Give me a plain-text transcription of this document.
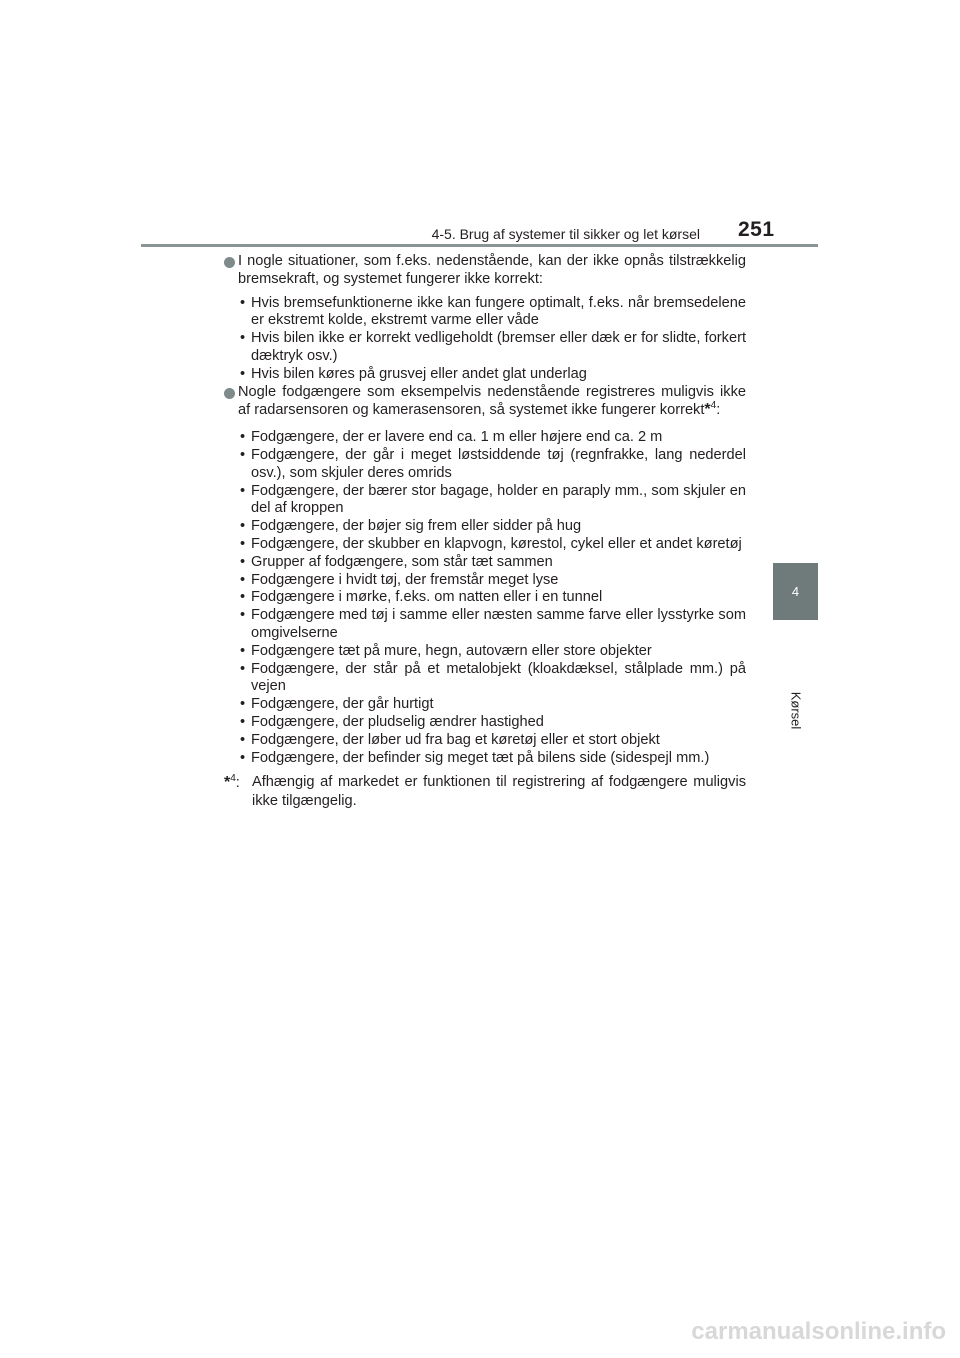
4-5. Brug af systemer til sikker og let kørsel 251
4
Kørsel
I nogle situationer, som f.eks. nedenstående, kan der ikke opnås tilstrækkelig bremsekraft, og systemet fungerer ikke korrekt:
• Hvis bremsefunktionerne ikke kan fungere optimalt, f.eks. når bremsedelene er ekstremt kolde, ekstremt varme eller våde
• Hvis bilen ikke er korrekt vedligeholdt (bremser eller dæk er for slidte, forkert dæktryk osv.)
• Hvis bilen køres på grusvej eller andet glat underlag
Nogle fodgængere som eksempelvis nedenstående registreres muligvis ikke af radarsensoren og kamerasensoren, så systemet ikke fungerer korrekt*$^4$:
• Fodgængere, der er lavere end ca. 1 m eller højere end ca. 2 m
• Fodgængere, der går i meget løstsiddende tøj (regnfrakke, lang nederdel osv.), som skjuler deres omrids
• Fodgængere, der bærer stor bagage, holder en paraply mm., som skjuler en del af kroppen
• Fodgængere, der bøjer sig frem eller sidder på hug
• Fodgængere, der skubber en klapvogn, kørestol, cykel eller et andet køretøj
• Grupper af fodgængere, som står tæt sammen
• Fodgængere i hvidt tøj, der fremstår meget lyse
• Fodgængere i mørke, f.eks. om natten eller i en tunnel
• Fodgængere med tøj i samme eller næsten samme farve eller lysstyrke som omgivelserne
• Fodgængere tæt på mure, hegn, autoværn eller store objekter
• Fodgængere, der står på et metalobjekt (kloakdæksel, stålplade mm.) på vejen
• Fodgængere, der går hurtigt
• Fodgængere, der pludselig ændrer hastighed
• Fodgængere, der løber ud fra bag et køretøj eller et stort objekt
• Fodgængere, der befinder sig meget tæt på bilens side (sidespejl mm.)
*$^4$: Afhængig af markedet er funktionen til registrering af fodgængere muligvis ikke tilgængelig.
carmanualsonline.info
